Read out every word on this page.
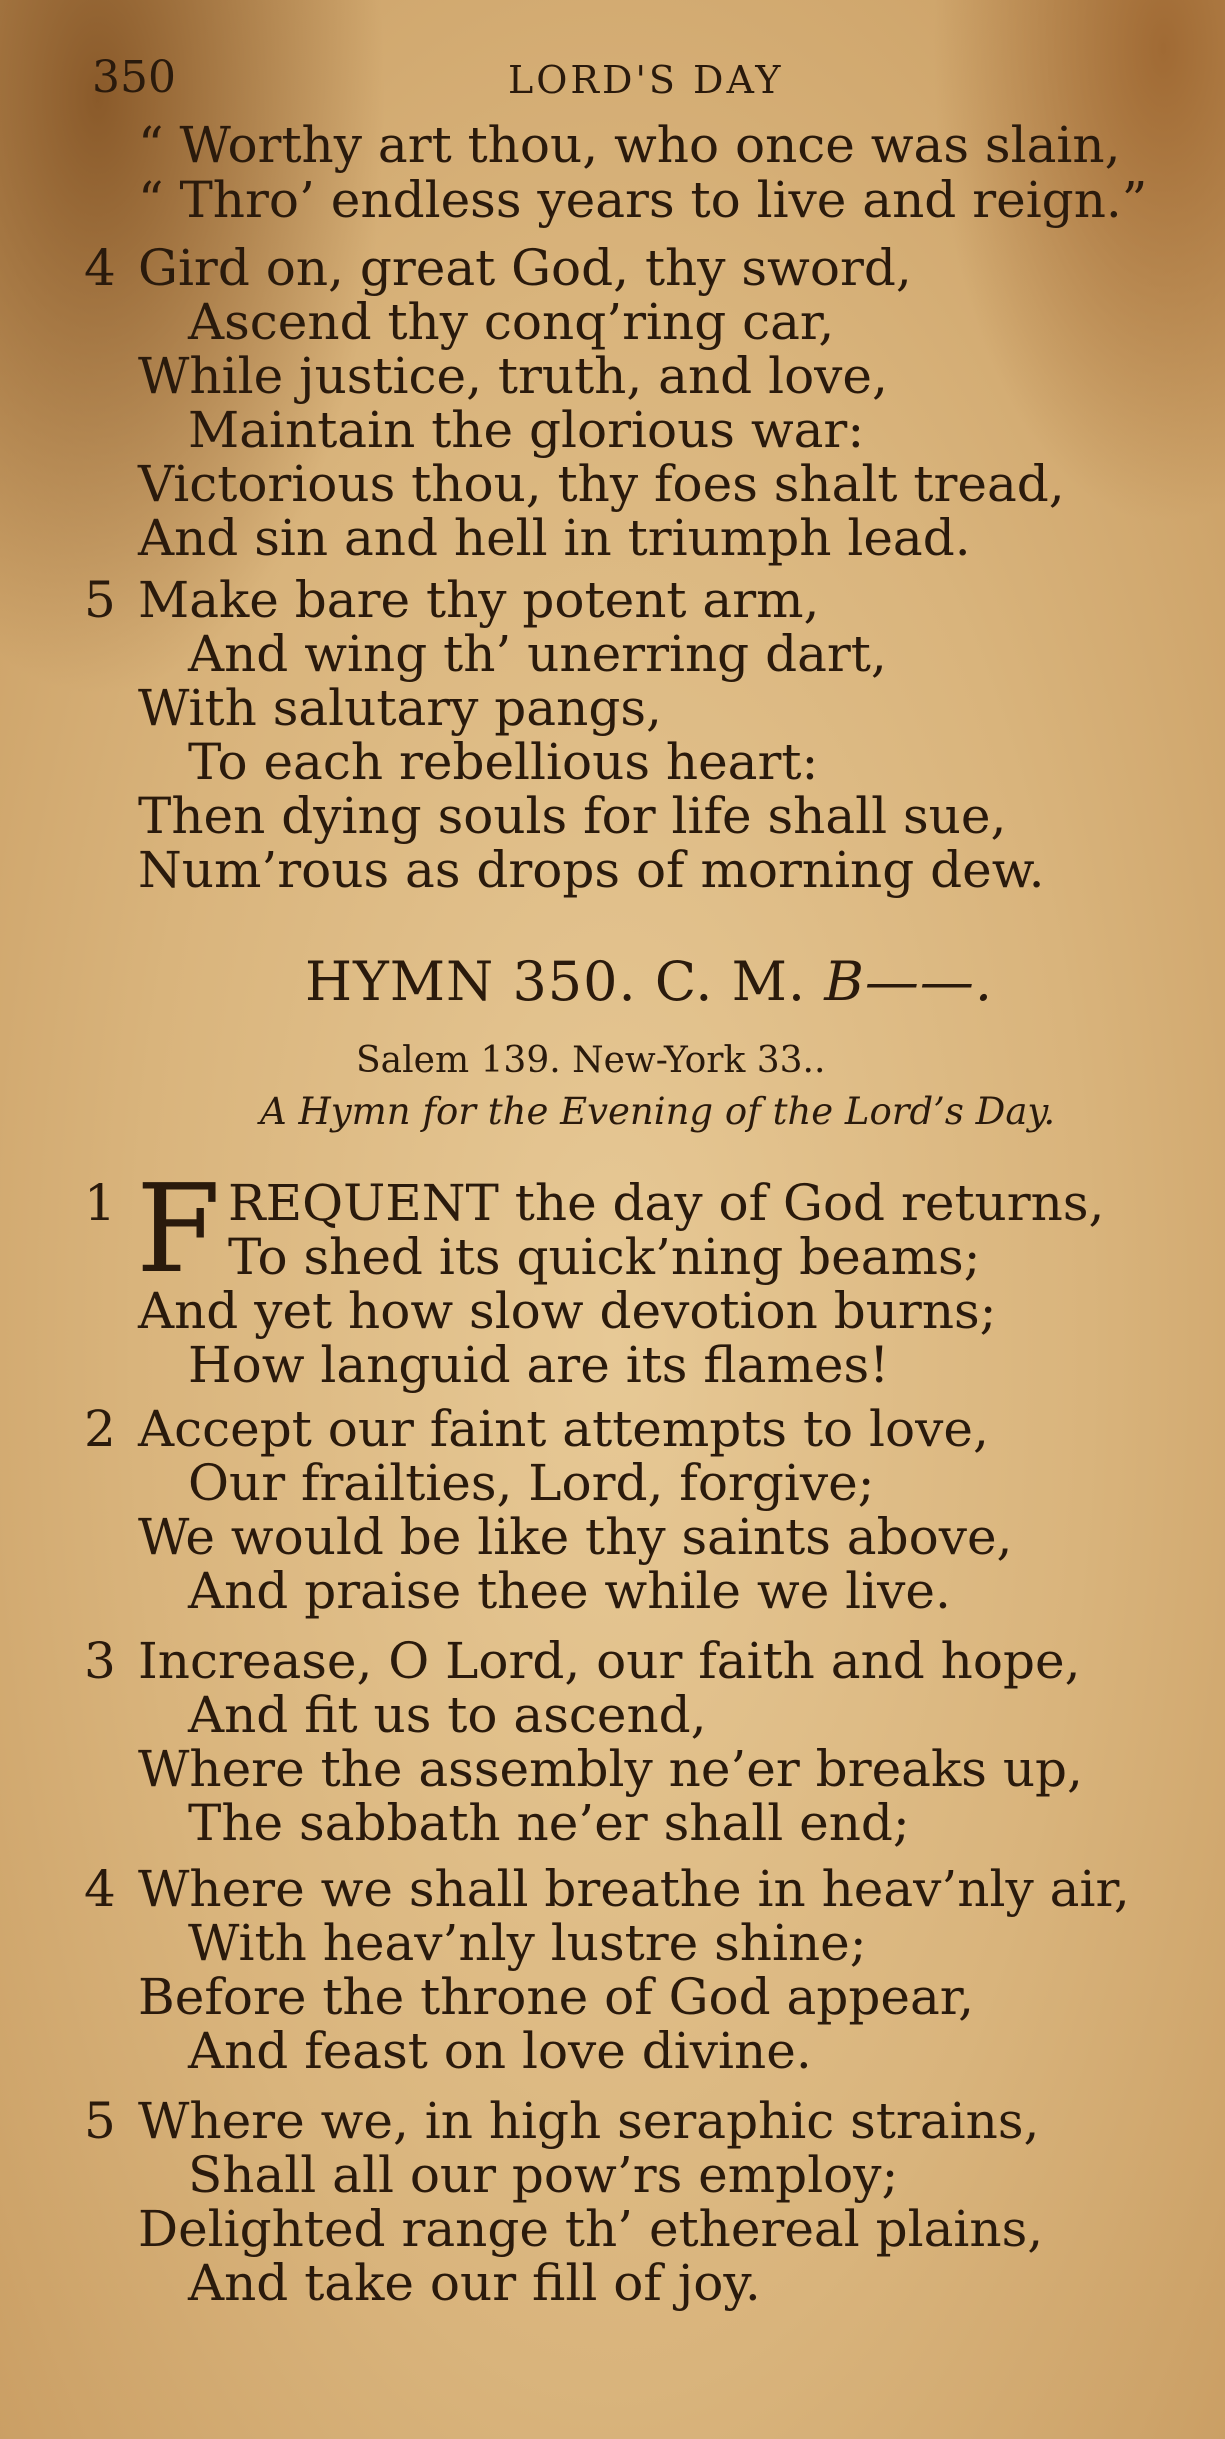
350	LORD'S DAY
“ Worthy art thou, who once was slain,
“ Thro’ endless years to live and reign.”
4 Gird on, great God, thy sword,
Ascend thy conq’ring car,
While justice, truth, and love,
Maintain the glorious war:
Victorious thou, thy foes shalt tread,
And sin and hell in triumph lead.
5 Make bare thy potent arm,
And wing th’ unerring dart,
With salutary pangs,
To each rebellious heart:
Then dying souls for life shall sue,
Num’rous as drops of morning dew.
HYMN 350. C. M. B——.
Salem 139. New-York 33..
A Hymn for the Evening of the Lord’s Day.
1 F REQUENT the day of God returns,
To shed its quick’ning beams;
And yet how slow devotion burns;
How languid are its flames!
2 Accept our faint attempts to love,
Our frailties, Lord, forgive;
We would be like thy saints above,
And praise thee while we live.
3 Increase, O Lord, our faith and hope,
And fit us to ascend,
Where the assembly ne’er breaks up,
The sabbath ne’er shall end;
4 Where we shall breathe in heav’nly air,
With heav’nly lustre shine;
Before the throne of God appear,
And feast on love divine.
5 Where we, in high seraphic strains,
Shall all our pow’rs employ;
Delighted range th’ ethereal plains,
And take our fill of joy.
